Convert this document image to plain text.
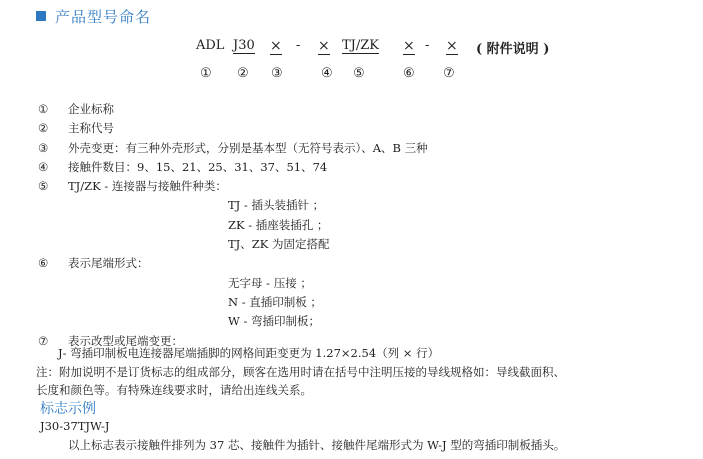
产品型号命名
ADL J30 × - × TJ/ZK × - × ( 附件说明 )
① ② ③	④ ⑤	⑥ ⑦
① 企业标称
② 主称代号
③ 外壳变更：有三种外壳形式，分别是基本型（无符号表示）、A、B 三种
④ 接触件数目：9、15、21、25、31、37、51、74
⑤ TJ/ZK - 连接器与接触件种类：
TJ - 插头装插针 ；
ZK - 插座装插孔 ；
TJ、ZK 为固定搭配
⑥ 表示尾端形式：
无字母 - 压接 ；
N - 直插印制板 ；
W - 弯插印制板；
⑦ 表示改型或尾端变更：
J- 弯插印制板电连接器尾端插脚的网格间距变更为 1.27×2.54（列 × 行）
注：附加说明不是订货标志的组成部分，顾客在选用时请在括号中注明压接的导线规格如：导线截面积、
长度和颜色等。有特殊连线要求时，请给出连线关系。
标志示例
J30-37TJW-J
以上标志表示接触件排列为 37 芯、接触件为插针、接触件尾端形式为 W-J 型的弯插印制板插头。
